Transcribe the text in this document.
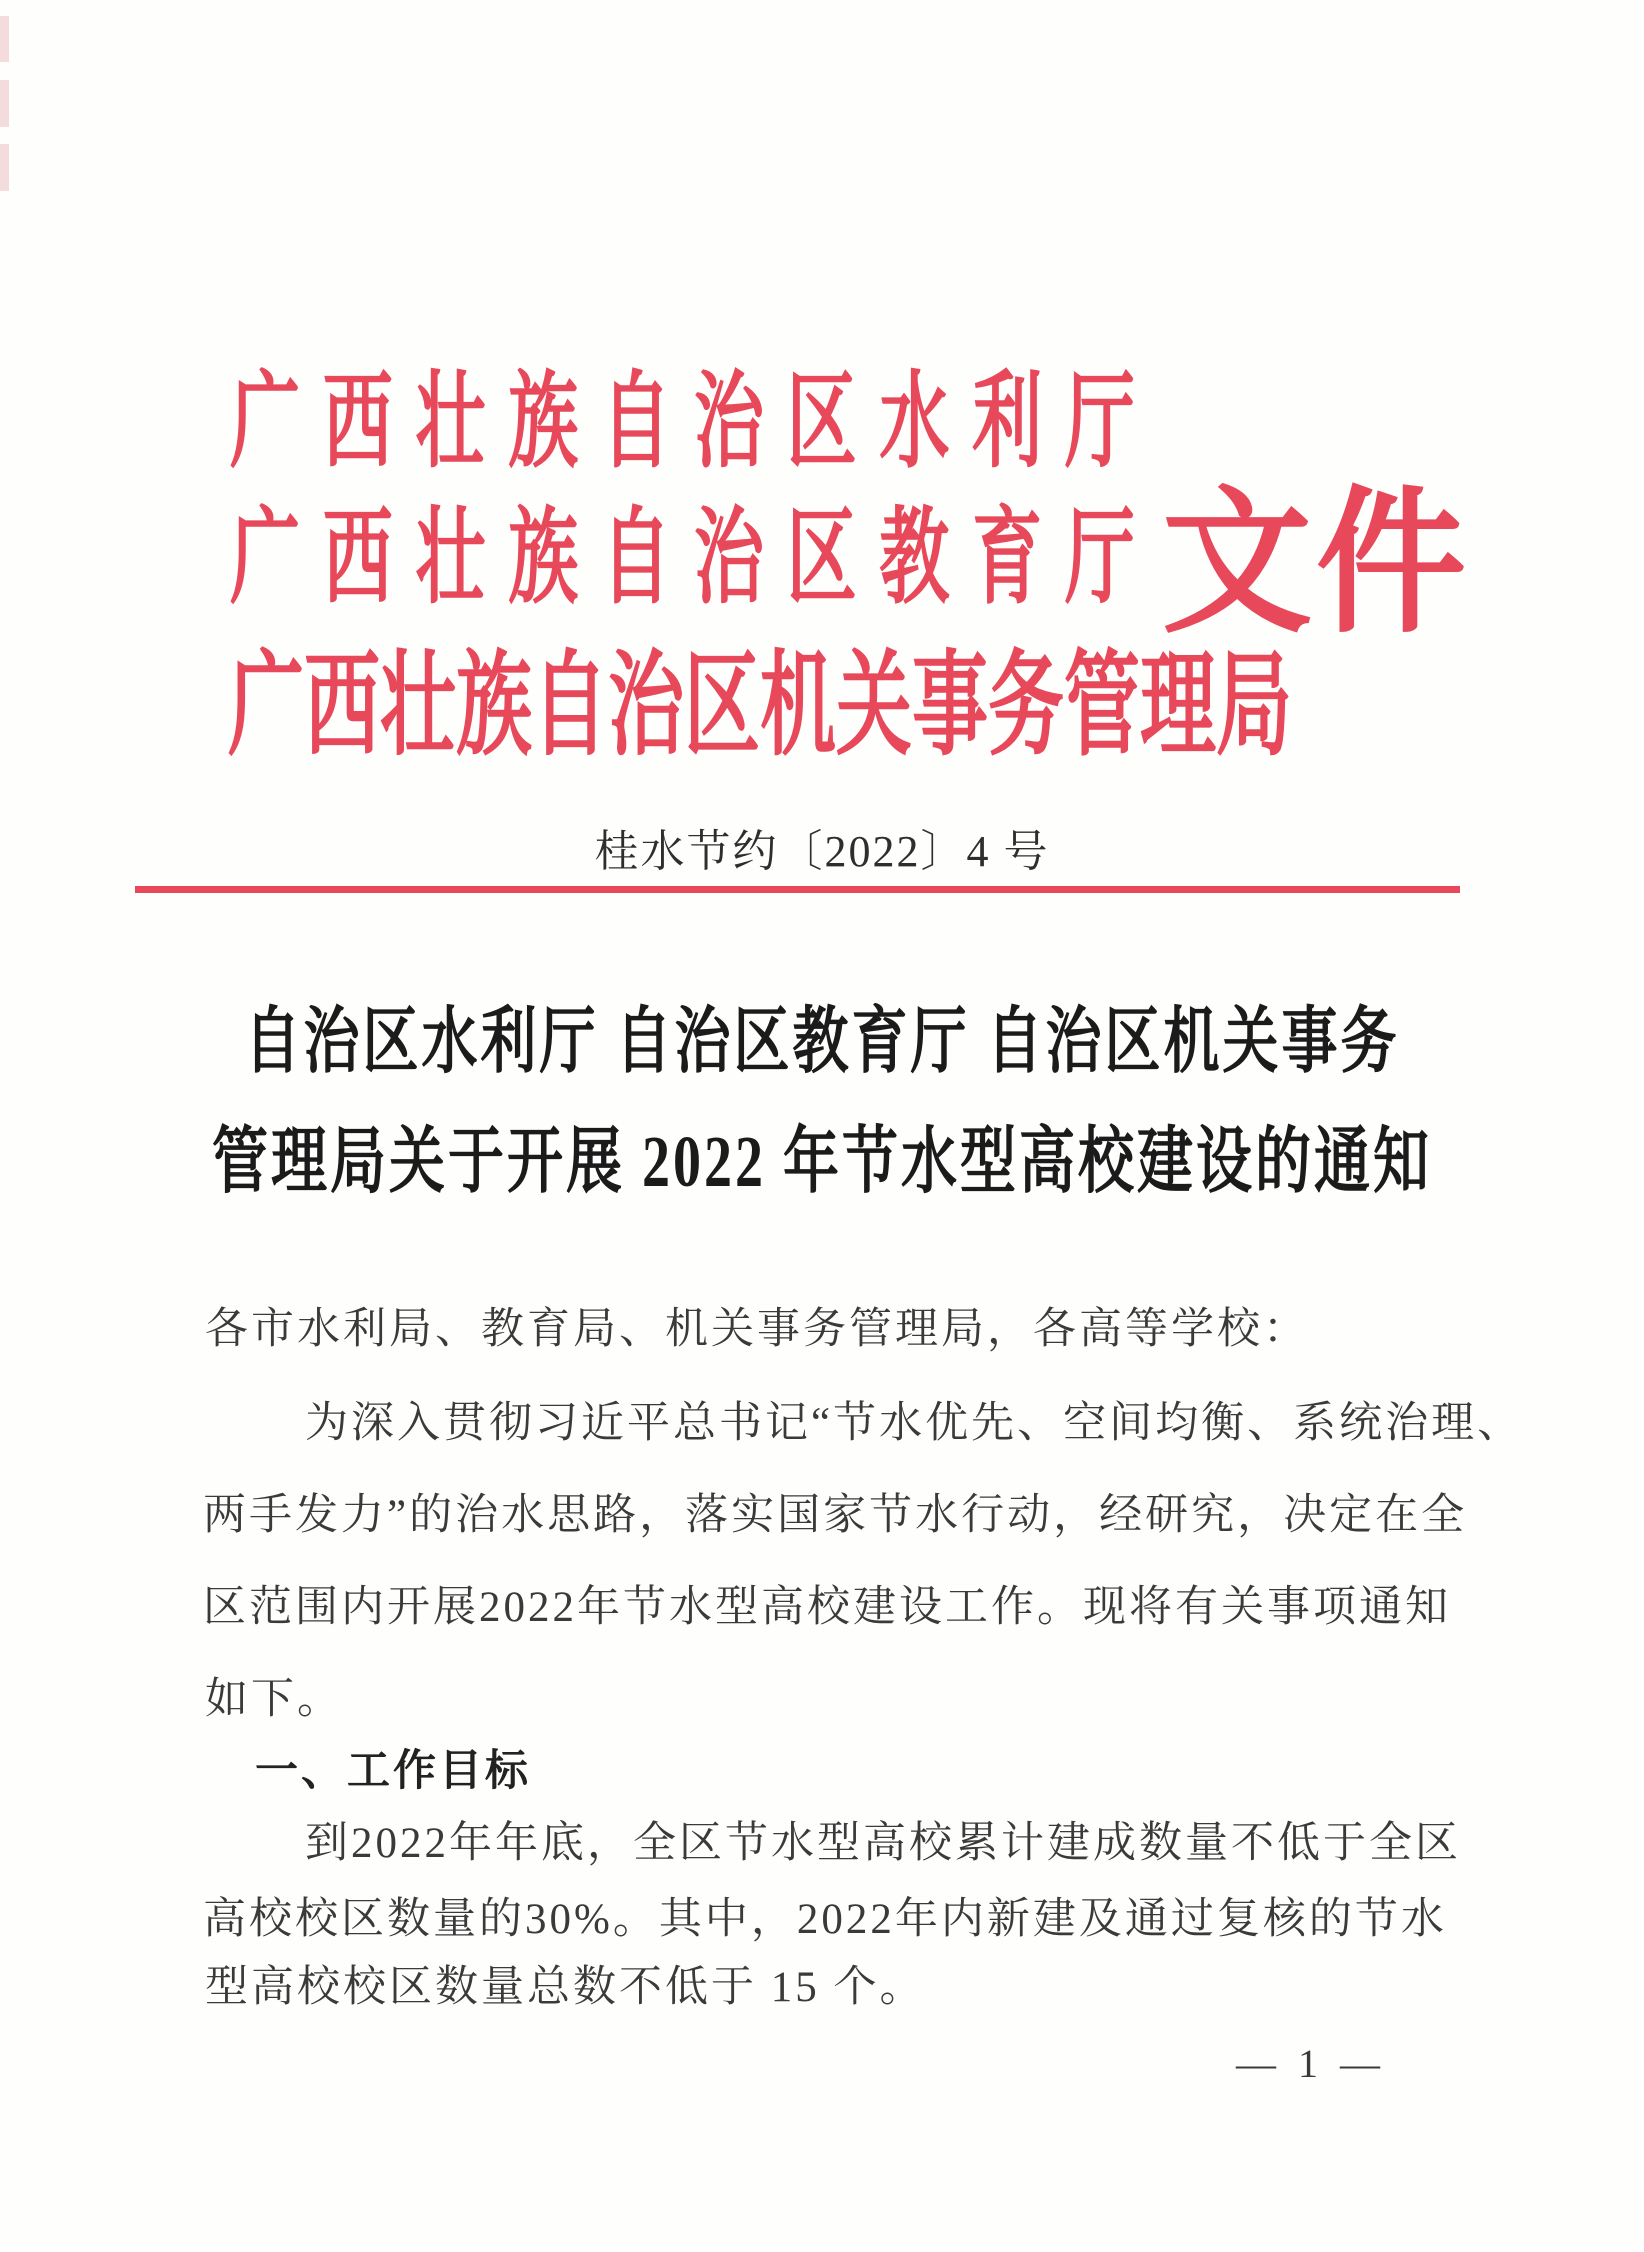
广 西 壮 族 自 治 区 水 利 厅
广 西 壮 族 自 治 区 教 育 厅 文件
广 西 壮 族 自 治 区 机 关 事 务 管 理 局
桂水节约〔2022〕4 号
自治区水利厅 自治区教育厅 自治区机关事务
管理局关于开展 2022 年节水型高校建设的通知
各市水利局、教育局、机关事务管理局，各高等学校：
为深入贯彻习近平总书记“节水优先、空间均衡、系统治理、
两手发力”的治水思路，落实国家节水行动，经研究，决定在全
区范围内开展2022年节水型高校建设工作。现将有关事项通知
如下。
一、工作目标
到2022年年底，全区节水型高校累计建成数量不低于全区
高校校区数量的30%。其中，2022年内新建及通过复核的节水
型高校校区数量总数不低于 15 个。
— 1 —
